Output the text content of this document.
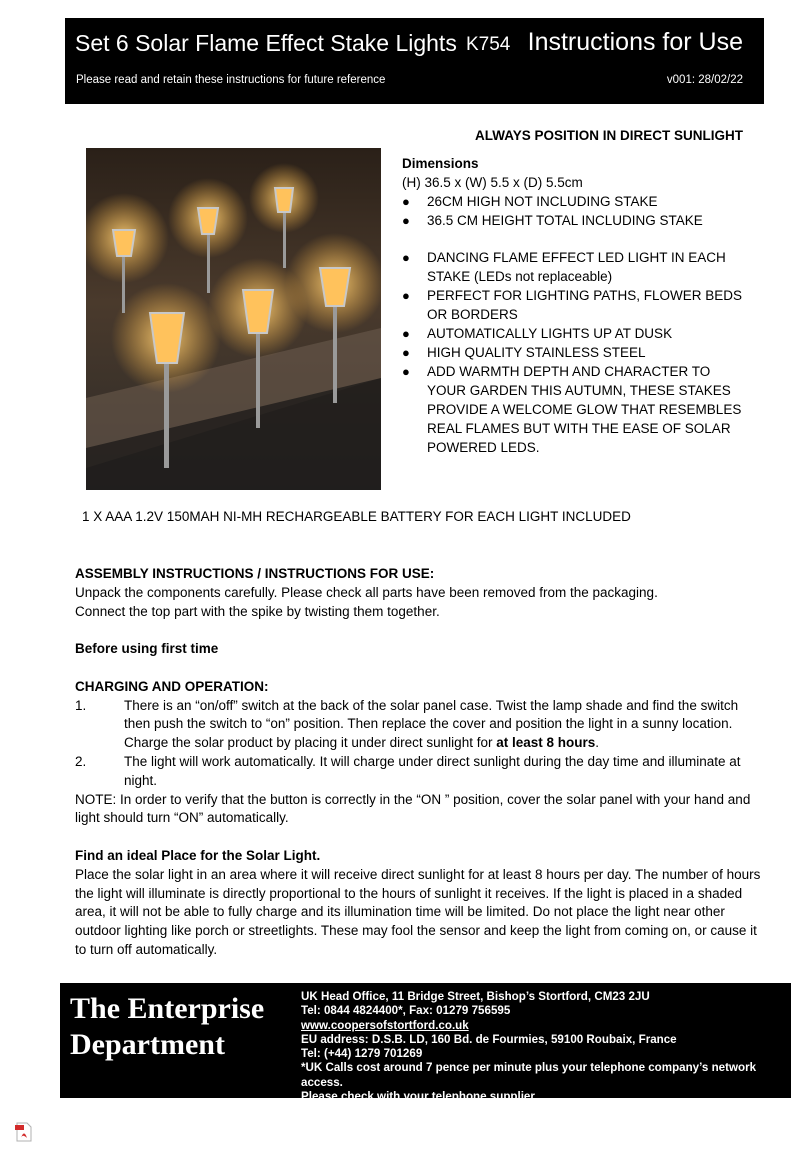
Set 6 Solar Flame Effect Stake Lights K754 Instructions for Use
Please read and retain these instructions for future reference	v001: 28/02/22
ALWAYS POSITION IN DIRECT SUNLIGHT
Dimensions
(H) 36.5 x (W) 5.5 x (D) 5.5cm
●	26CM HIGH NOT INCLUDING STAKE
●	36.5 CM HEIGHT TOTAL INCLUDING STAKE
●	DANCING FLAME EFFECT LED LIGHT IN EACH STAKE (LEDs not replaceable)
●	PERFECT FOR LIGHTING PATHS, FLOWER BEDS OR BORDERS
●	AUTOMATICALLY LIGHTS UP AT DUSK
●	HIGH QUALITY STAINLESS STEEL
●	ADD WARMTH DEPTH AND CHARACTER TO YOUR GARDEN THIS AUTUMN, THESE STAKES PROVIDE A WELCOME GLOW THAT RESEMBLES REAL FLAMES BUT WITH THE EASE OF SOLAR POWERED LEDS.
1 X AAA 1.2V 150MAH NI-MH RECHARGEABLE BATTERY FOR EACH LIGHT INCLUDED

ASSEMBLY INSTRUCTIONS / INSTRUCTIONS FOR USE:

Unpack the components carefully. Please check all parts have been removed from the packaging.

Connect the top part with the spike by twisting them together.

Before using first time

CHARGING AND OPERATION:

1.	There is an “on/off” switch at the back of the solar panel case. Twist the lamp shade and find the switch then push the switch to “on” position. Then replace the cover and position the light in a sunny location. Charge the solar product by placing it under direct sunlight for at least 8 hours.
2.	The light will work automatically. It will charge under direct sunlight during the day time and illuminate at night.

NOTE: In order to verify that the button is correctly in the “ON ” position, cover the solar panel with your hand and light should turn “ON” automatically.

Find an ideal Place for the Solar Light.

Place the solar light in an area where it will receive direct sunlight for at least 8 hours per day. The number of hours the light will illuminate is directly proportional to the hours of sunlight it receives. If the light is placed in a shaded area, it will not be able to fully charge and its illumination time will be limited. Do not place the light near other outdoor lighting like porch or streetlights. These may fool the sensor and keep the light from coming on, or cause it to turn off automatically.

The Enterprise
Department
UK Head Office, 11 Bridge Street, Bishop’s Stortford, CM23 2JU
Tel: 0844 4824400*, Fax: 01279 756595
www.coopersofstortford.co.uk
EU address: D.S.B. LD, 160 Bd. de Fourmies, 59100 Roubaix, France
Tel: (+44) 1279 701269
*UK Calls cost around 7 pence per minute plus your telephone company’s network access.
Please check with your telephone supplier.
